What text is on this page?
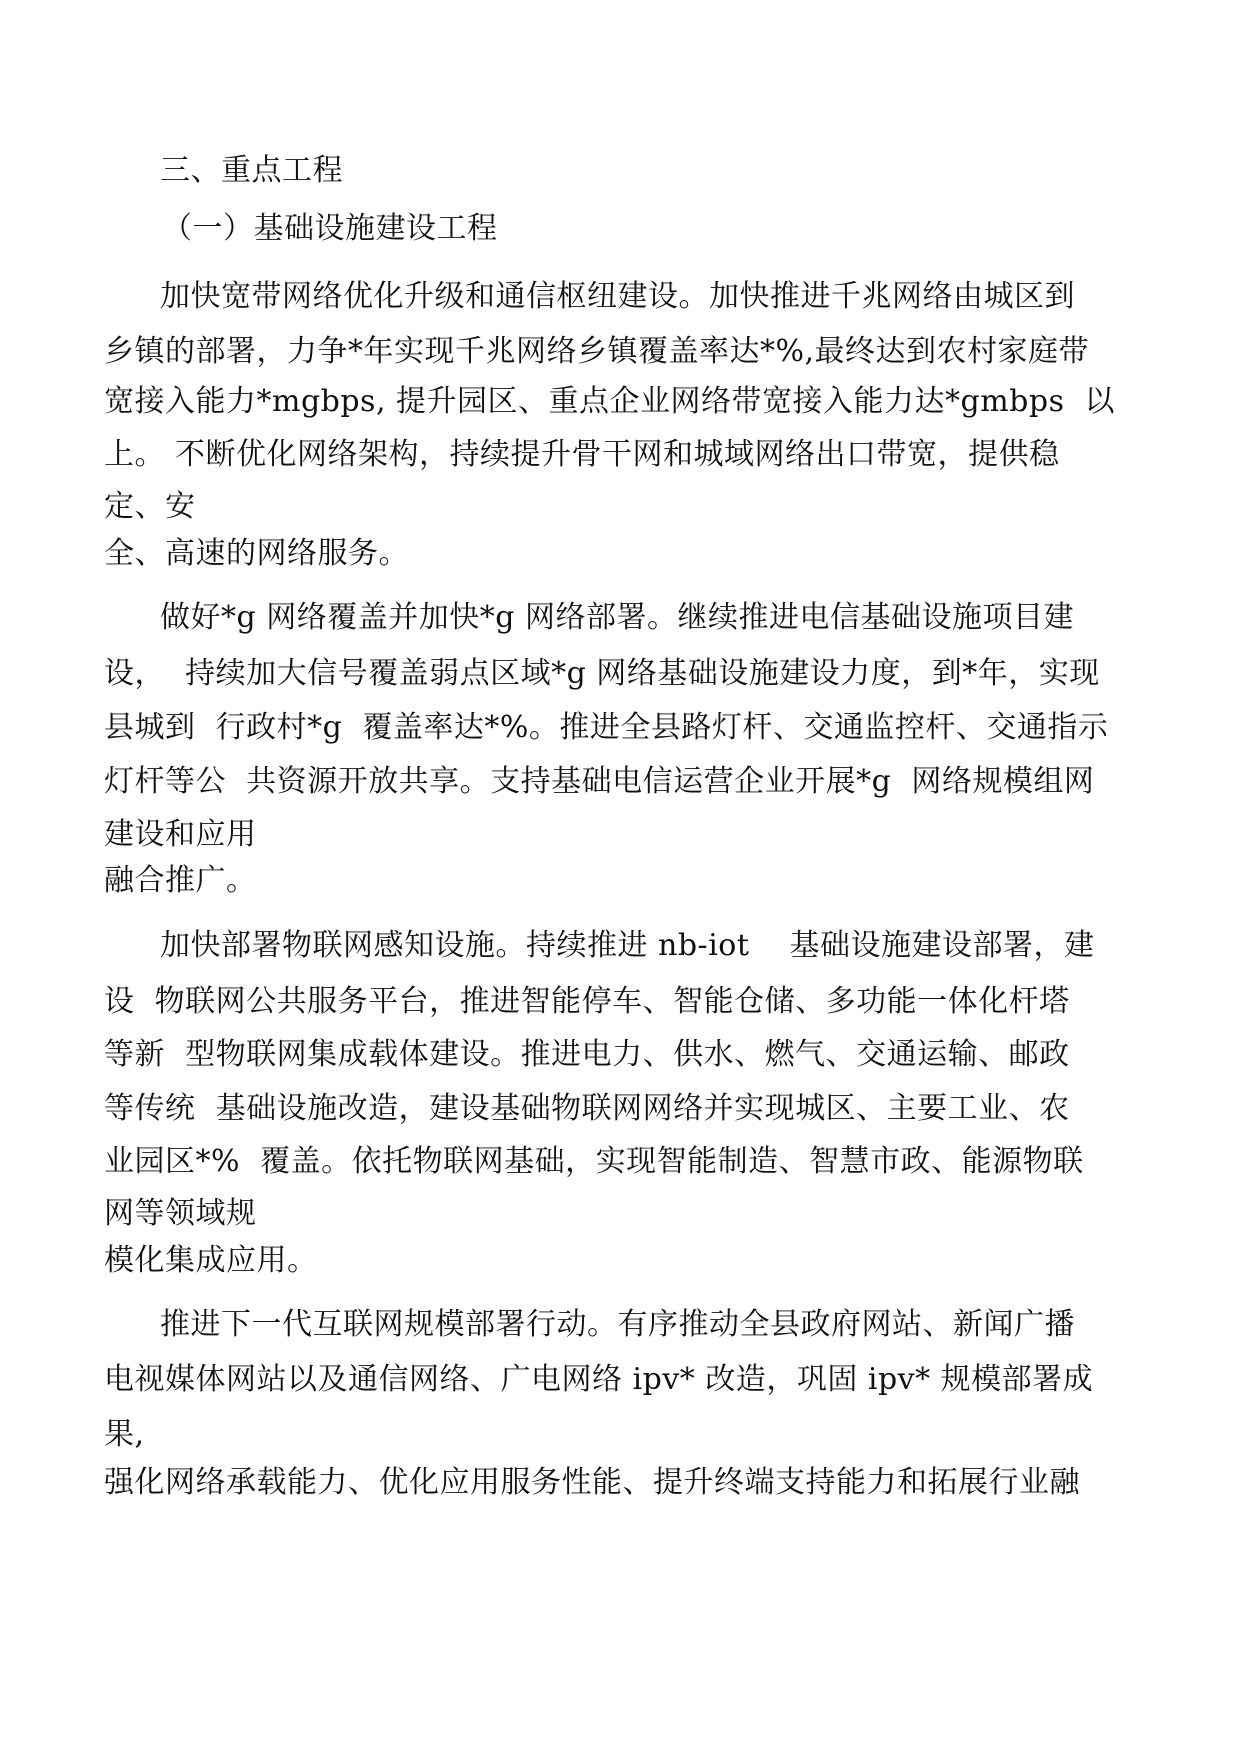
三、重点工程
（一）基础设施建设工程
加快宽带网络优化升级和通信枢纽建设。加快推进千兆网络由城区到
乡镇的部署，力争*年实现千兆网络乡镇覆盖率达*%,最终达到农村家庭带
宽接入能力*mgbps, 提升园区、重点企业网络带宽接入能力达*gmbps  以
上。 不断优化网络架构，持续提升骨干网和城域网络出口带宽，提供稳
定、安
全、高速的网络服务。
做好*g 网络覆盖并加快*g 网络部署。继续推进电信基础设施项目建
设，  持续加大信号覆盖弱点区域*g 网络基础设施建设力度，到*年，实现
县城到  行政村*g  覆盖率达*%。推进全县路灯杆、交通监控杆、交通指示
灯杆等公  共资源开放共享。支持基础电信运营企业开展*g  网络规模组网
建设和应用
融合推广。
加快部署物联网感知设施。持续推进 nb-iot    基础设施建设部署，建
设  物联网公共服务平台，推进智能停车、智能仓储、多功能一体化杆塔
等新  型物联网集成载体建设。推进电力、供水、燃气、交通运输、邮政
等传统  基础设施改造，建设基础物联网网络并实现城区、主要工业、农
业园区*%  覆盖。依托物联网基础，实现智能制造、智慧市政、能源物联
网等领域规
模化集成应用。
推进下一代互联网规模部署行动。有序推动全县政府网站、新闻广播
电视媒体网站以及通信网络、广电网络 ipv* 改造，巩固 ipv* 规模部署成
果,
强化网络承载能力、优化应用服务性能、提升终端支持能力和拓展行业融
